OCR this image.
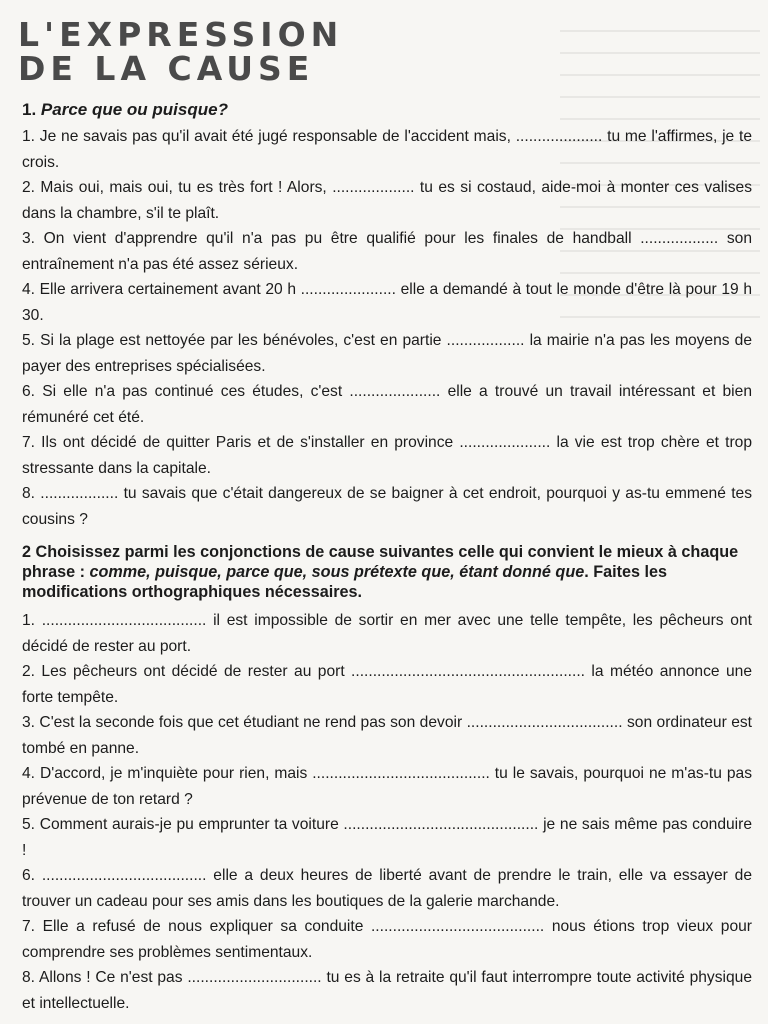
L'EXPRESSION
DE LA CAUSE
1. Parce que ou puisque?

1. Je ne savais pas qu'il avait été jugé responsable de l'accident mais, .................... tu me l'affirmes, je te crois.

2. Mais oui, mais oui, tu es très fort ! Alors, ................... tu es si costaud, aide-moi à monter ces valises dans la chambre, s'il te plaît.

3. On vient d'apprendre qu'il n'a pas pu être qualifié pour les finales de handball .................. son entraînement n'a pas été assez sérieux.

4. Elle arrivera certainement avant 20 h ...................... elle a demandé à tout le monde d'être là pour 19 h 30.

5. Si la plage est nettoyée par les bénévoles, c'est en partie .................. la mairie n'a pas les moyens de payer des entreprises spécialisées.

6. Si elle n'a pas continué ces études, c'est ..................... elle a trouvé un travail intéressant et bien rémunéré cet été.

7. Ils ont décidé de quitter Paris et de s'installer en province ..................... la vie est trop chère et trop stressante dans la capitale.

8. .................. tu savais que c'était dangereux de se baigner à cet endroit, pourquoi y as-tu emmené tes cousins ?

2 Choisissez parmi les conjonctions de cause suivantes celle qui convient le mieux à chaque phrase : comme, puisque, parce que, sous prétexte que, étant donné que. Faites les modifications orthographiques nécessaires.

1. ...................................... il est impossible de sortir en mer avec une telle tempête, les pêcheurs ont décidé de rester au port.

2. Les pêcheurs ont décidé de rester au port ...................................................... la météo annonce une forte tempête.

3. C'est la seconde fois que cet étudiant ne rend pas son devoir .................................... son ordinateur est tombé en panne.

4. D'accord, je m'inquiète pour rien, mais ......................................... tu le savais, pourquoi ne m'as-tu pas prévenue de ton retard ?

5. Comment aurais-je pu emprunter ta voiture ............................................. je ne sais même pas conduire !

6. ...................................... elle a deux heures de liberté avant de prendre le train, elle va essayer de trouver un cadeau pour ses amis dans les boutiques de la galerie marchande.

7. Elle a refusé de nous expliquer sa conduite ........................................ nous étions trop vieux pour comprendre ses problèmes sentimentaux.

8. Allons ! Ce n'est pas ............................... tu es à la retraite qu'il faut interrompre toute activité physique et intellectuelle.
